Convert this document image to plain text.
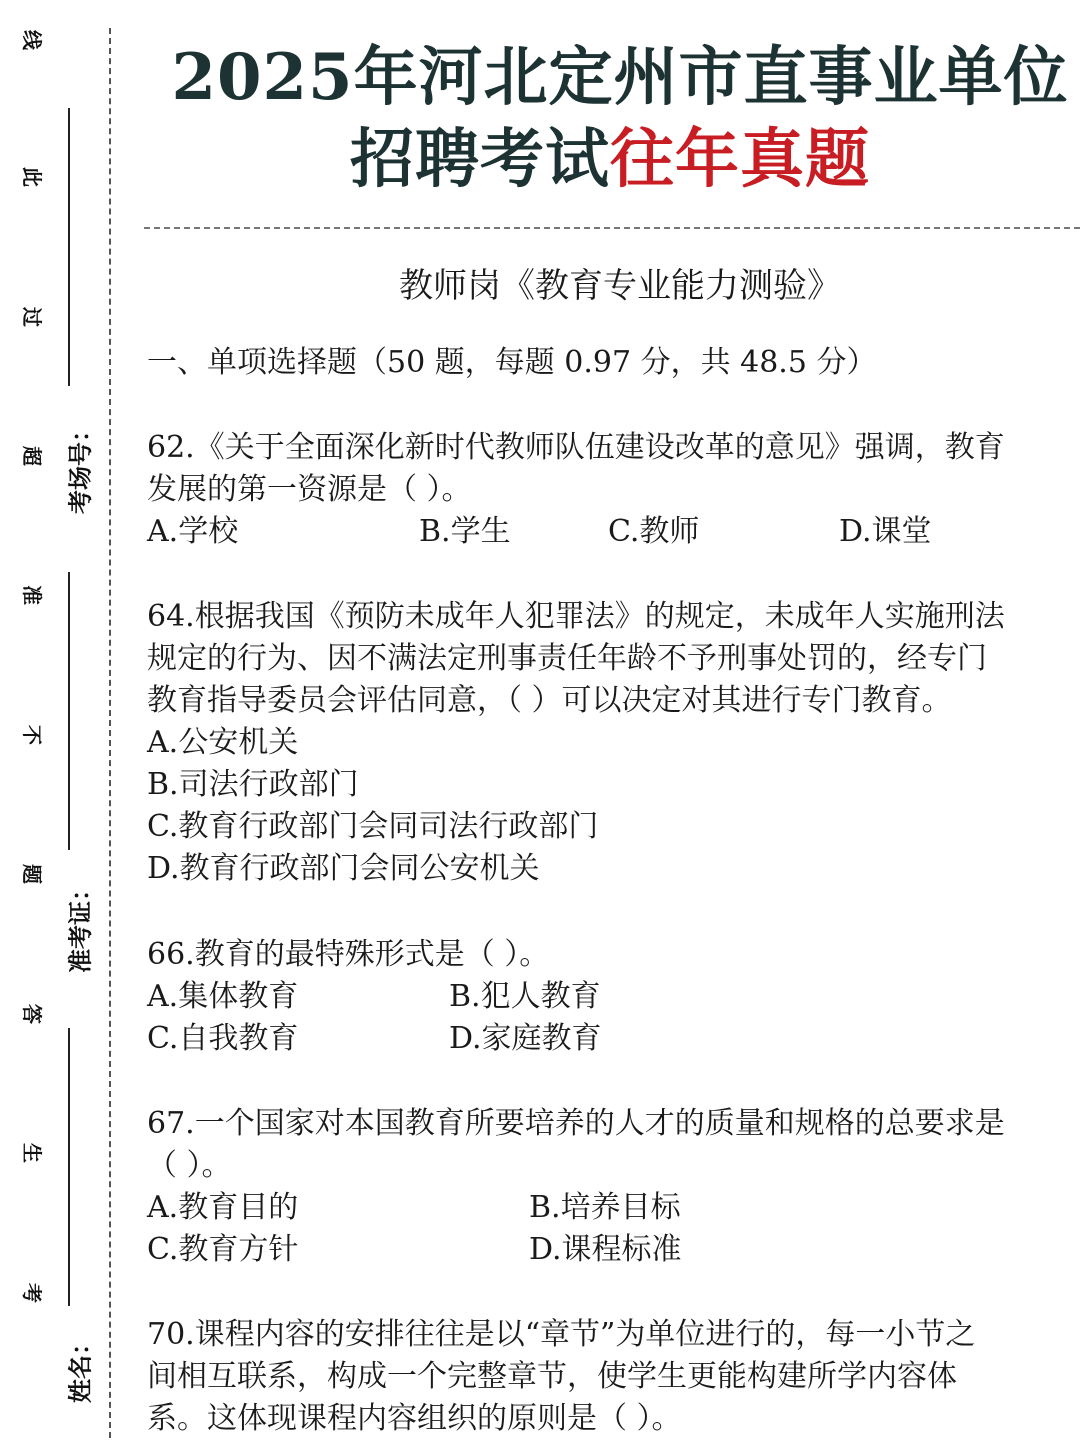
线
此
过
超
准
不
题
答
生
考
考场号：
准考证：
姓名：
2025年河北定州市直事业单位
招聘考试往年真题
教师岗《教育专业能力测验》
一、单项选择题（50 题，每题 0.97 分，共 48.5 分）

62.《关于全面深化新时代教师队伍建设改革的意见》强调，教育

发展的第一资源是（ ）。

A.学校	B.学生	C.教师	D.课堂

64.根据我国《预防未成年人犯罪法》的规定，未成年人实施刑法

规定的行为、因不满法定刑事责任年龄不予刑事处罚的，经专门

教育指导委员会评估同意，（ ）可以决定对其进行专门教育。

A.公安机关

B.司法行政部门

C.教育行政部门会同司法行政部门

D.教育行政部门会同公安机关

66.教育的最特殊形式是（ ）。

A.集体教育	B.犯人教育
C.自我教育	D.家庭教育

67.一个国家对本国教育所要培养的人才的质量和规格的总要求是

（ ）。

A.教育目的	B.培养目标
C.教育方针	D.课程标准

70.课程内容的安排往往是以“章节”为单位进行的，每一小节之

间相互联系，构成一个完整章节，使学生更能构建所学内容体

系。这体现课程内容组织的原则是（ ）。
